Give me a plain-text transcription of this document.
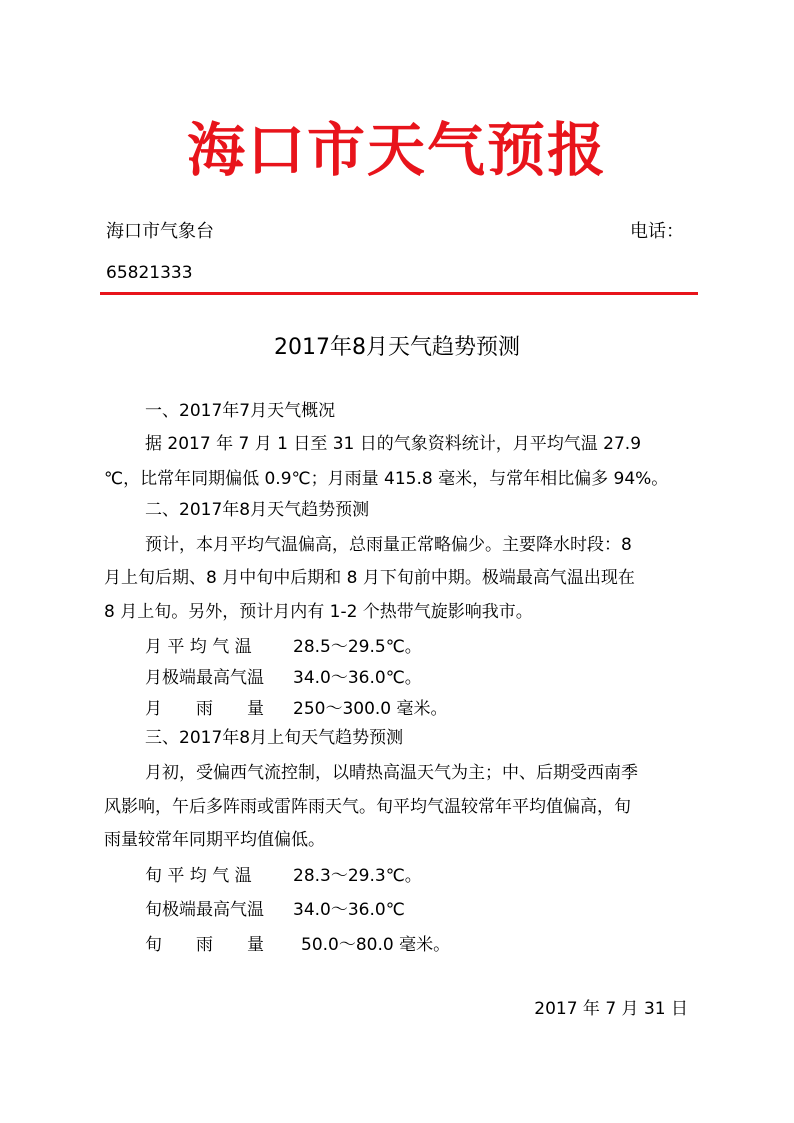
海口市天气预报
海口市气象台	电话：
65821333
2017年8月天气趋势预测
一、2017年7月天气概况
据 2017 年 7 月 1 日至 31 日的气象资料统计，月平均气温 27.9
℃，比常年同期偏低 0.9℃；月雨量 415.8 毫米，与常年相比偏多 94%。
二、2017年8月天气趋势预测
预计，本月平均气温偏高，总雨量正常略偏少。主要降水时段：8
月上旬后期、8 月中旬中后期和 8 月下旬前中期。极端最高气温出现在
8 月上旬。另外，预计月内有 1-2 个热带气旋影响我市。
月 平 均 气 温 28.5～29.5℃。
月极端最高气温 34.0～36.0℃。
月　　雨　　量 250～300.0 毫米。
三、2017年8月上旬天气趋势预测
月初，受偏西气流控制，以晴热高温天气为主；中、后期受西南季
风影响，午后多阵雨或雷阵雨天气。旬平均气温较常年平均值偏高，旬
雨量较常年同期平均值偏低。
旬 平 均 气 温 28.3～29.3℃。
旬极端最高气温 34.0～36.0℃
旬　　雨　　量 50.0～80.0 毫米。
2017 年 7 月 31 日
